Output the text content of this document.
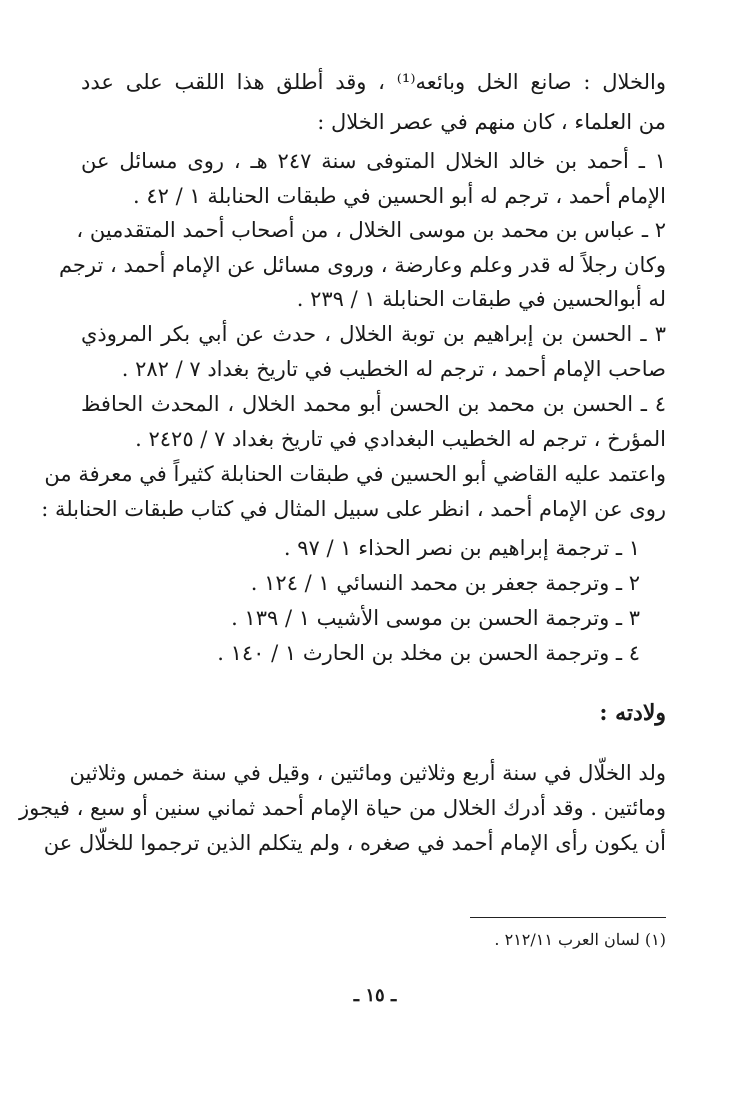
والخلال : صانع الخل وبائعه⁽¹⁾ ، وقد أطلق هذا اللقب على عدد
من العلماء ، كان منهم في عصر الخلال :
١ ـ أحمد بن خالد الخلال المتوفى سنة ٢٤٧ هـ ، روى مسائل عن
الإمام أحمد ، ترجم له أبو الحسين في طبقات الحنابلة ١ / ٤٢ .
٢ ـ عباس بن محمد بن موسى الخلال ، من أصحاب أحمد المتقدمين ،
وكان رجلاً له قدر وعلم وعارضة ، وروى مسائل عن الإمام أحمد ، ترجم
له أبوالحسين في طبقات الحنابلة ١ / ٢٣٩ .
٣ ـ الحسن بن إبراهيم بن توبة الخلال ، حدث عن أبي بكر المروذي
صاحب الإمام أحمد ، ترجم له الخطيب في تاريخ بغداد ٧ / ٢٨٢ .
٤ ـ الحسن بن محمد بن الحسن أبو محمد الخلال ، المحدث الحافظ
المؤرخ ، ترجم له الخطيب البغدادي في تاريخ بغداد ٧ / ٢٤٢٥ .
واعتمد عليه القاضي أبو الحسين في طبقات الحنابلة كثيراً في معرفة من
روى عن الإمام أحمد ، انظر على سبيل المثال في كتاب طبقات الحنابلة :
١ ـ ترجمة إبراهيم بن نصر الحذاء ١ / ٩٧ .
٢ ـ وترجمة جعفر بن محمد النسائي ١ / ١٢٤ .
٣ ـ وترجمة الحسن بن موسى الأشيب ١ / ١٣٩ .
٤ ـ وترجمة الحسن بن مخلد بن الحارث ١ / ١٤٠ .
ولادته :
ولد الخلّال في سنة أربع وثلاثين ومائتين ، وقيل في سنة خمس وثلاثين
ومائتين . وقد أدرك الخلال من حياة الإمام أحمد ثماني سنين أو سبع ، فيجوز
أن يكون رأى الإمام أحمد في صغره ، ولم يتكلم الذين ترجموا للخلّال عن
(١) لسان العرب ٢١٢/١١ .
ـ ١٥ ـ
